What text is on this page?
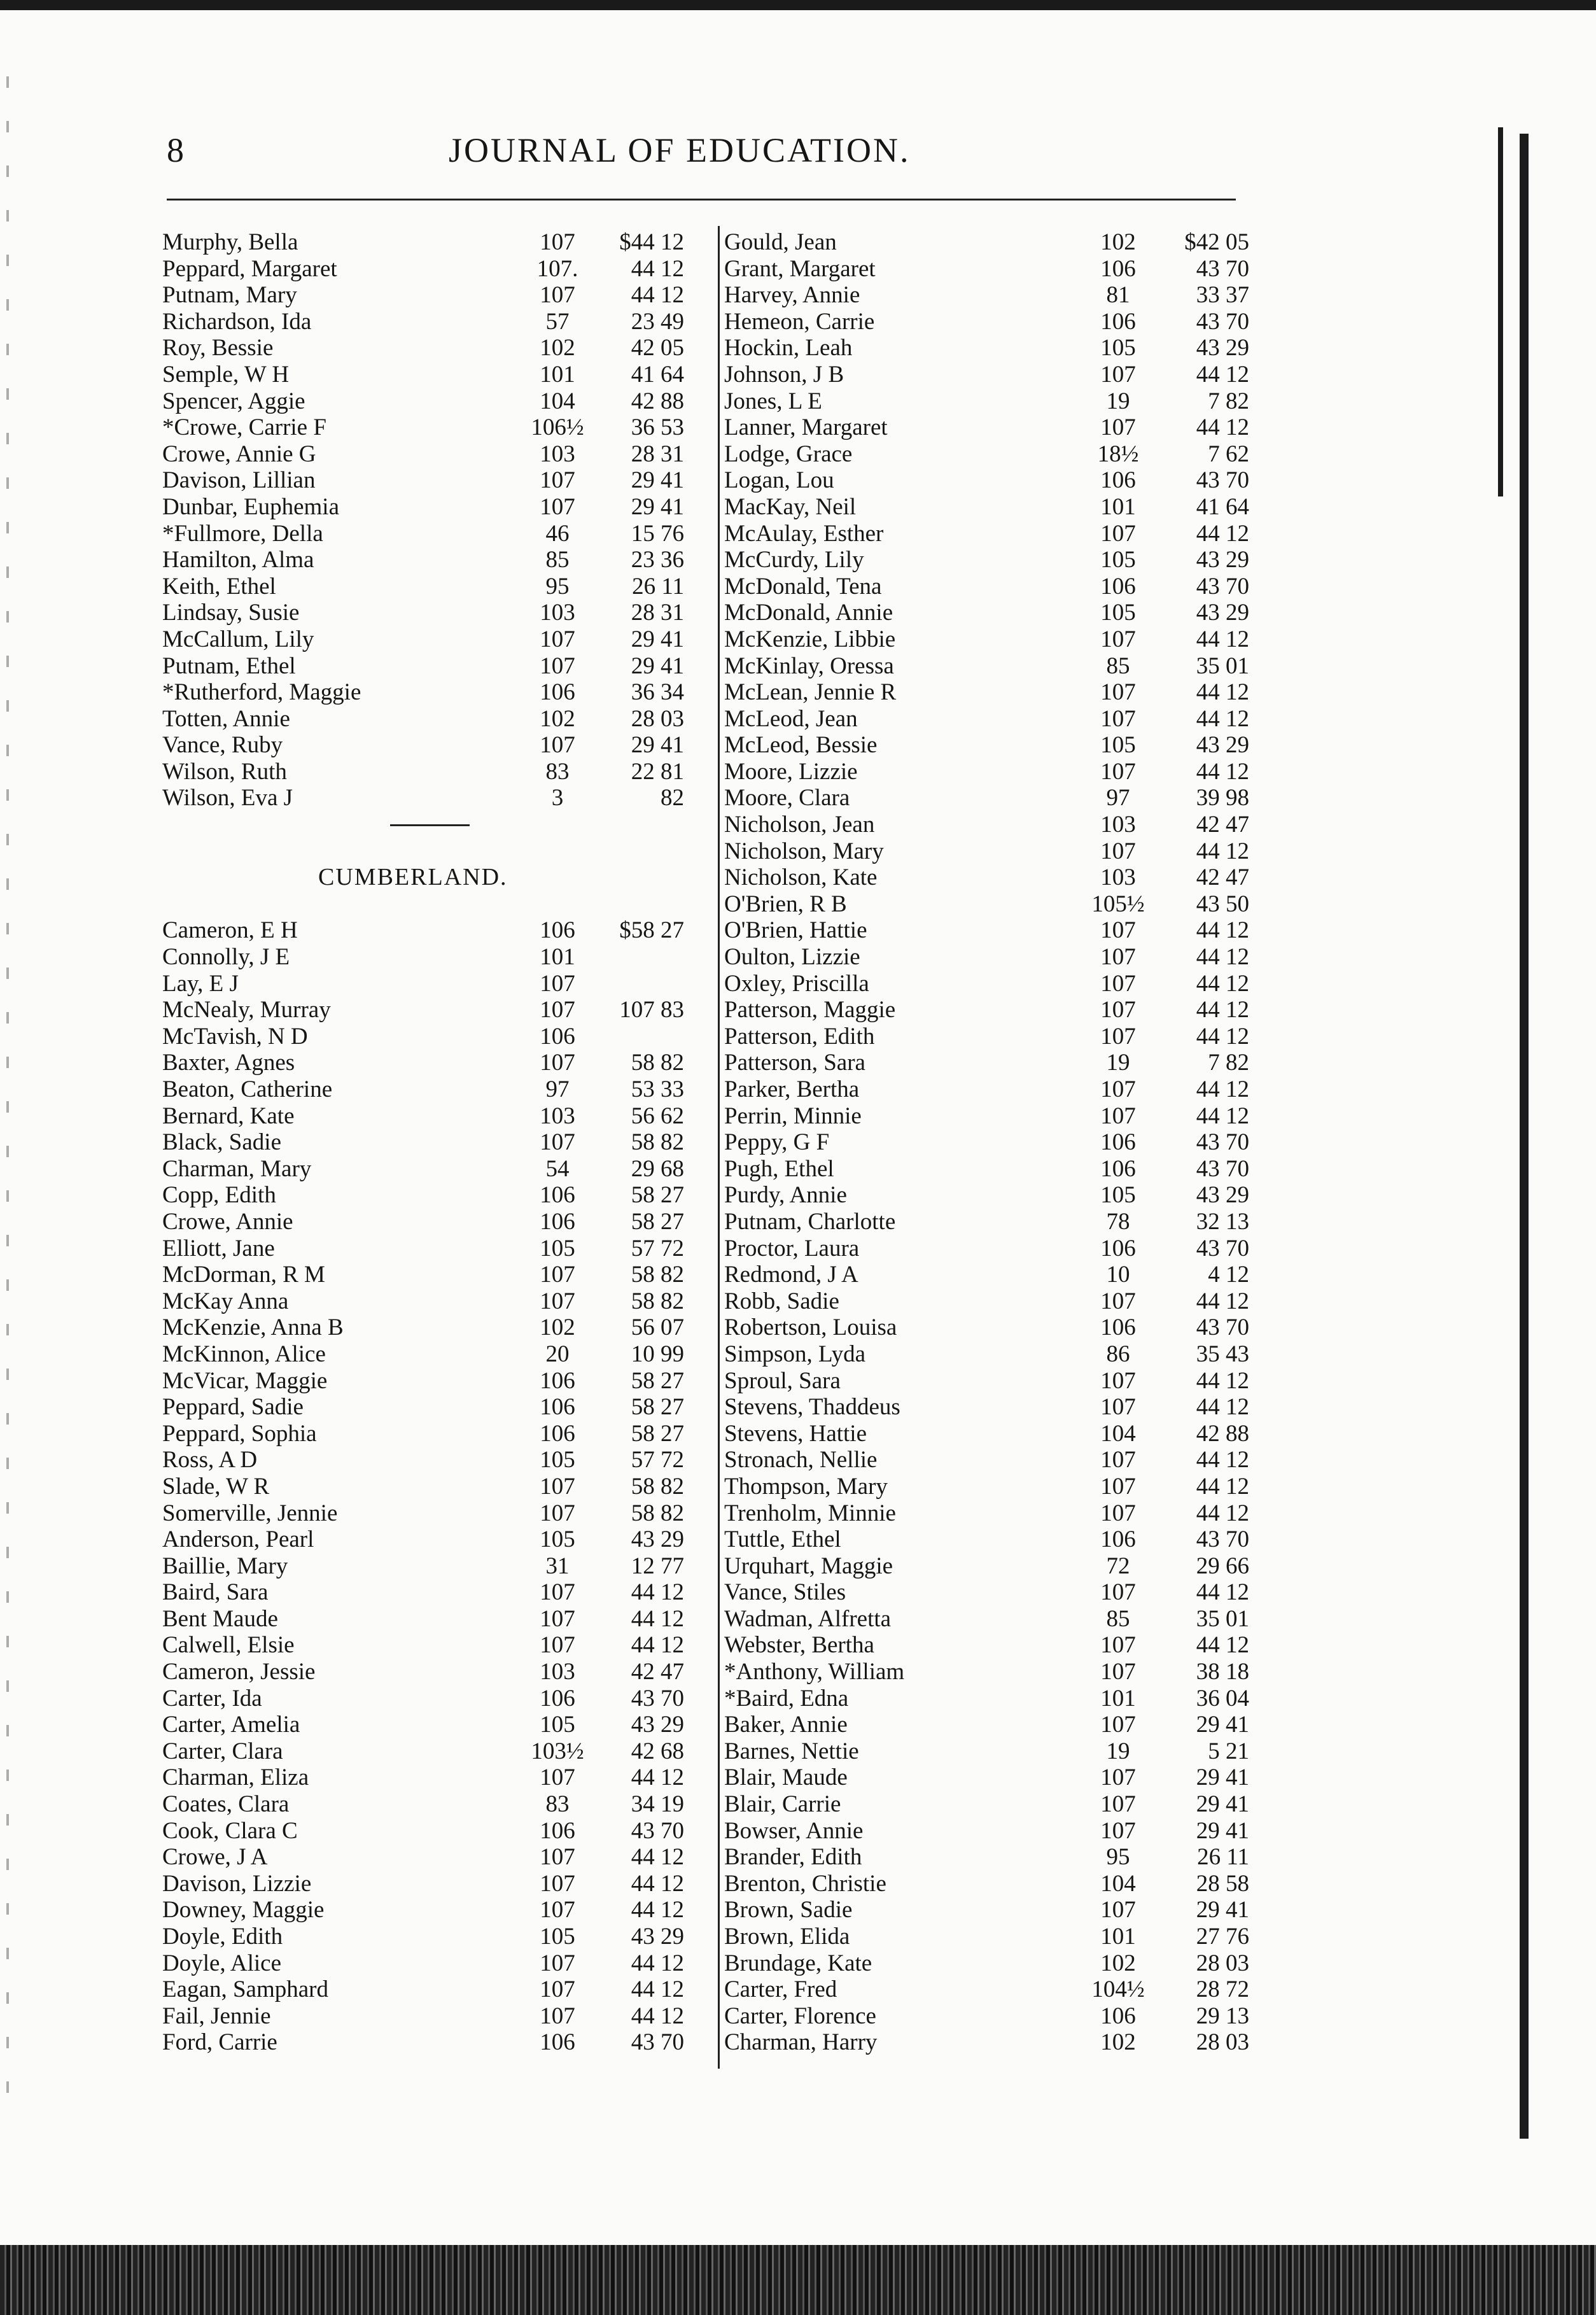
8	JOURNAL OF EDUCATION.
Murphy, Bella	107	$44 12
Peppard, Margaret	107.	44 12
Putnam, Mary	107	44 12
Richardson, Ida	57	23 49
Roy, Bessie	102	42 05
Semple, W H	101	41 64
Spencer, Aggie	104	42 88
*Crowe, Carrie F	106½	36 53
Crowe, Annie G	103	28 31
Davison, Lillian	107	29 41
Dunbar, Euphemia	107	29 41
*Fullmore, Della	46	15 76
Hamilton, Alma	85	23 36
Keith, Ethel	95	26 11
Lindsay, Susie	103	28 31
McCallum, Lily	107	29 41
Putnam, Ethel	107	29 41
*Rutherford, Maggie	106	36 34
Totten, Annie	102	28 03
Vance, Ruby	107	29 41
Wilson, Ruth	83	22 81
Wilson, Eva J	3	82
CUMBERLAND.
Cameron, E H	106	$58 27
Connolly, J E	101
Lay, E J	107
McNealy, Murray	107	107 83
McTavish, N D	106
Baxter, Agnes	107	58 82
Beaton, Catherine	97	53 33
Bernard, Kate	103	56 62
Black, Sadie	107	58 82
Charman, Mary	54	29 68
Copp, Edith	106	58 27
Crowe, Annie	106	58 27
Elliott, Jane	105	57 72
McDorman, R M	107	58 82
McKay Anna	107	58 82
McKenzie, Anna B	102	56 07
McKinnon, Alice	20	10 99
McVicar, Maggie	106	58 27
Peppard, Sadie	106	58 27
Peppard, Sophia	106	58 27
Ross, A D	105	57 72
Slade, W R	107	58 82
Somerville, Jennie	107	58 82
Anderson, Pearl	105	43 29
Baillie, Mary	31	12 77
Baird, Sara	107	44 12
Bent Maude	107	44 12
Calwell, Elsie	107	44 12
Cameron, Jessie	103	42 47
Carter, Ida	106	43 70
Carter, Amelia	105	43 29
Carter, Clara	103½	42 68
Charman, Eliza	107	44 12
Coates, Clara	83	34 19
Cook, Clara C	106	43 70
Crowe, J A	107	44 12
Davison, Lizzie	107	44 12
Downey, Maggie	107	44 12
Doyle, Edith	105	43 29
Doyle, Alice	107	44 12
Eagan, Samphard	107	44 12
Fail, Jennie	107	44 12
Ford, Carrie	106	43 70
Gould, Jean	102	$42 05
Grant, Margaret	106	43 70
Harvey, Annie	81	33 37
Hemeon, Carrie	106	43 70
Hockin, Leah	105	43 29
Johnson, J B	107	44 12
Jones, L E	19	7 82
Lanner, Margaret	107	44 12
Lodge, Grace	18½	7 62
Logan, Lou	106	43 70
MacKay, Neil	101	41 64
McAulay, Esther	107	44 12
McCurdy, Lily	105	43 29
McDonald, Tena	106	43 70
McDonald, Annie	105	43 29
McKenzie, Libbie	107	44 12
McKinlay, Oressa	85	35 01
McLean, Jennie R	107	44 12
McLeod, Jean	107	44 12
McLeod, Bessie	105	43 29
Moore, Lizzie	107	44 12
Moore, Clara	97	39 98
Nicholson, Jean	103	42 47
Nicholson, Mary	107	44 12
Nicholson, Kate	103	42 47
O'Brien, R B	105½	43 50
O'Brien, Hattie	107	44 12
Oulton, Lizzie	107	44 12
Oxley, Priscilla	107	44 12
Patterson, Maggie	107	44 12
Patterson, Edith	107	44 12
Patterson, Sara	19	7 82
Parker, Bertha	107	44 12
Perrin, Minnie	107	44 12
Peppy, G F	106	43 70
Pugh, Ethel	106	43 70
Purdy, Annie	105	43 29
Putnam, Charlotte	78	32 13
Proctor, Laura	106	43 70
Redmond, J A	10	4 12
Robb, Sadie	107	44 12
Robertson, Louisa	106	43 70
Simpson, Lyda	86	35 43
Sproul, Sara	107	44 12
Stevens, Thaddeus	107	44 12
Stevens, Hattie	104	42 88
Stronach, Nellie	107	44 12
Thompson, Mary	107	44 12
Trenholm, Minnie	107	44 12
Tuttle, Ethel	106	43 70
Urquhart, Maggie	72	29 66
Vance, Stiles	107	44 12
Wadman, Alfretta	85	35 01
Webster, Bertha	107	44 12
*Anthony, William	107	38 18
*Baird, Edna	101	36 04
Baker, Annie	107	29 41
Barnes, Nettie	19	5 21
Blair, Maude	107	29 41
Blair, Carrie	107	29 41
Bowser, Annie	107	29 41
Brander, Edith	95	26 11
Brenton, Christie	104	28 58
Brown, Sadie	107	29 41
Brown, Elida	101	27 76
Brundage, Kate	102	28 03
Carter, Fred	104½	28 72
Carter, Florence	106	29 13
Charman, Harry	102	28 03
